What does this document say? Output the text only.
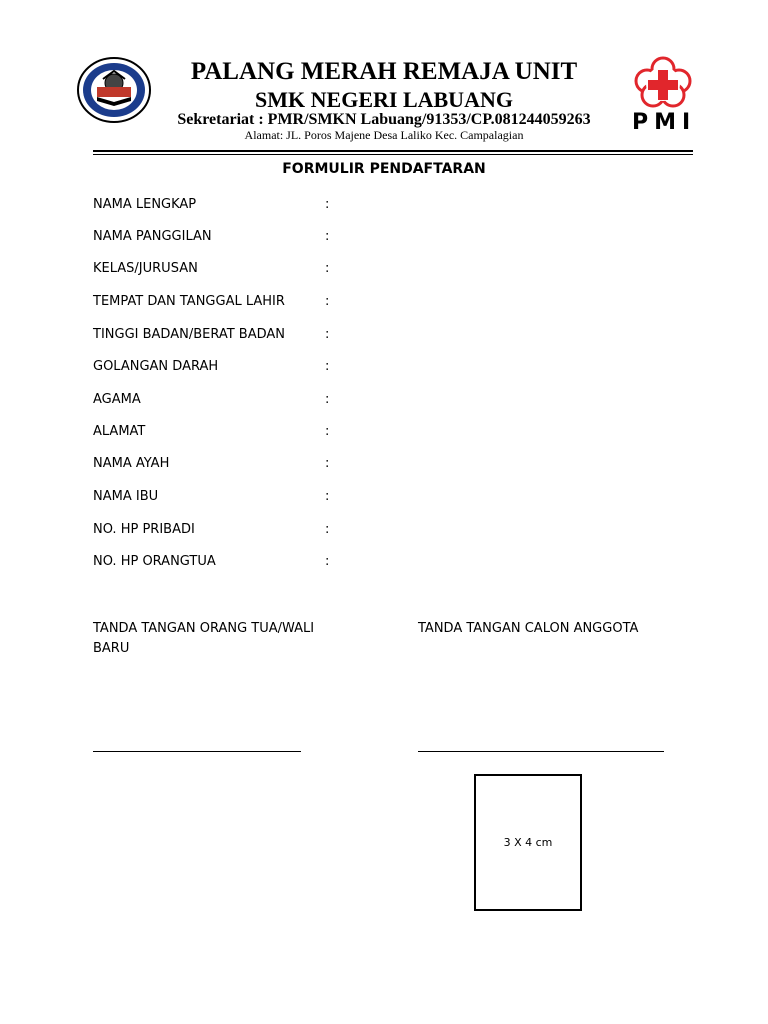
PMI
PALANG MERAH REMAJA UNIT
SMK NEGERI LABUANG
Sekretariat : PMR/SMKN Labuang/91353/CP.081244059263
Alamat: JL. Poros Majene Desa Laliko Kec. Campalagian
FORMULIR PENDAFTARAN
NAMA LENGKAP	:
NAMA PANGGILAN	:
KELAS/JURUSAN	:
TEMPAT DAN TANGGAL LAHIR	:
TINGGI BADAN/BERAT BADAN	:
GOLANGAN DARAH	:
AGAMA	:
ALAMAT	:
NAMA AYAH	:
NAMA IBU	:
NO. HP PRIBADI	:
NO. HP ORANGTUA	:
TANDA TANGAN ORANG TUA/WALI BARU
TANDA TANGAN CALON ANGGOTA
3 X 4 cm
